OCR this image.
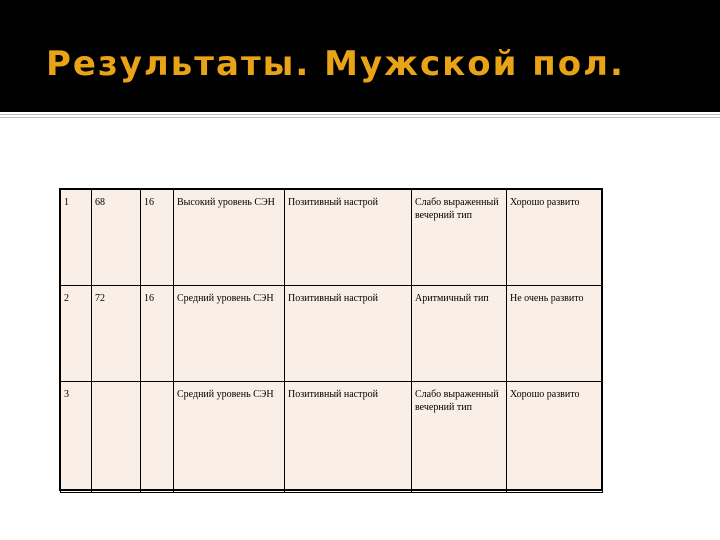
Результаты. Мужской пол.
1	68	16	Высокий уровень СЭН	Позитивный настрой	Слабо выраженный вечерний тип	Хорошо развито
2	72	16	Средний уровень СЭН	Позитивный настрой	Аритмичный тип	Не очень развито
3			Средний уровень СЭН	Позитивный настрой	Слабо выраженный вечерний тип	Хорошо развито
